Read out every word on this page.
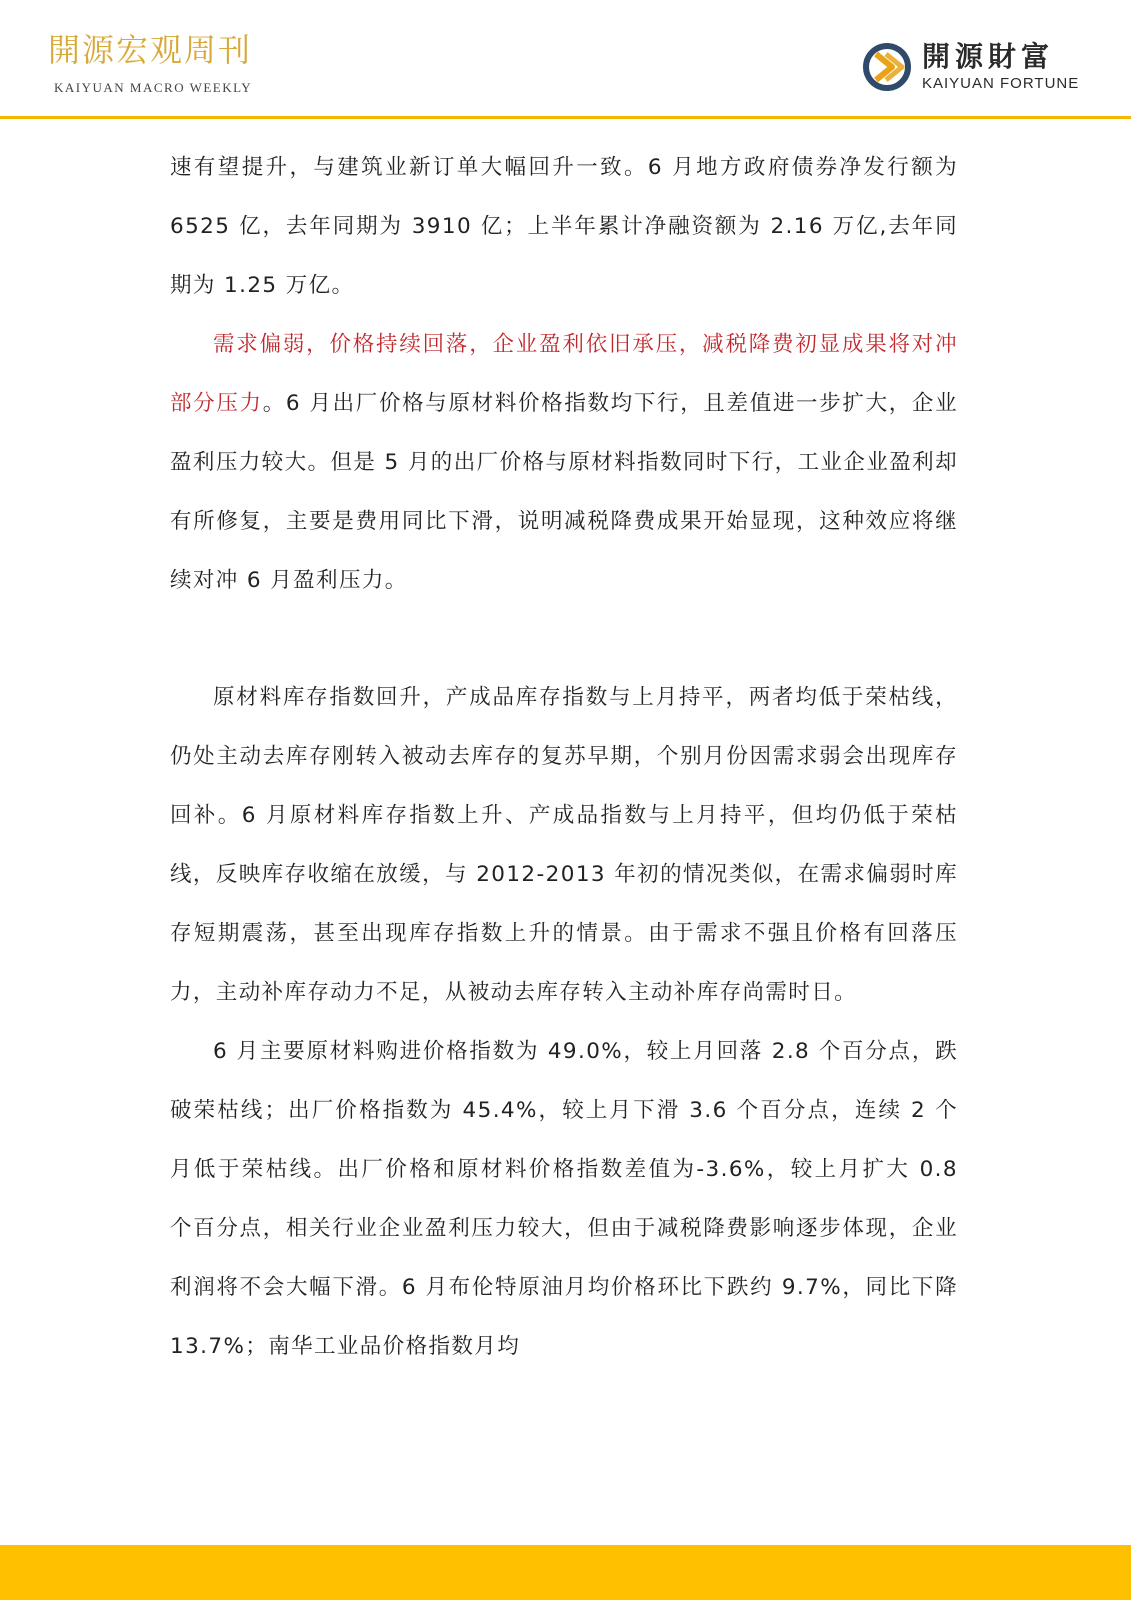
開源宏观周刊
KAIYUAN MACRO WEEKLY
開源財富
KAIYUAN FORTUNE

速有望提升，与建筑业新订单大幅回升一致。6 月地方政府债券净发行额为 6525 亿，去年同期为 3910 亿；上半年累计净融资额为 2.16 万亿,去年同期为 1.25 万亿。

需求偏弱，价格持续回落，企业盈利依旧承压，减税降费初显成果将对冲部分压力。6 月出厂价格与原材料价格指数均下行，且差值进一步扩大，企业盈利压力较大。但是 5 月的出厂价格与原材料指数同时下行，工业企业盈利却有所修复，主要是费用同比下滑，说明减税降费成果开始显现，这种效应将继续对冲 6 月盈利压力。

原材料库存指数回升，产成品库存指数与上月持平，两者均低于荣枯线，仍处主动去库存刚转入被动去库存的复苏早期，个别月份因需求弱会出现库存回补。6 月原材料库存指数上升、产成品指数与上月持平，但均仍低于荣枯线，反映库存收缩在放缓，与 2012-2013 年初的情况类似，在需求偏弱时库存短期震荡，甚至出现库存指数上升的情景。由于需求不强且价格有回落压力，主动补库存动力不足，从被动去库存转入主动补库存尚需时日。

6 月主要原材料购进价格指数为 49.0%，较上月回落 2.8 个百分点，跌破荣枯线；出厂价格指数为 45.4%，较上月下滑 3.6 个百分点，连续 2 个月低于荣枯线。出厂价格和原材料价格指数差值为-3.6%，较上月扩大 0.8 个百分点，相关行业企业盈利压力较大，但由于减税降费影响逐步体现，企业利润将不会大幅下滑。6 月布伦特原油月均价格环比下跌约 9.7%，同比下降 13.7%；南华工业品价格指数月均
